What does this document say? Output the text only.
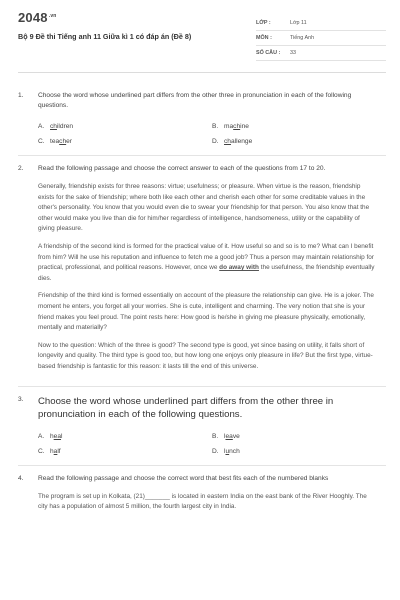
$2048^{.vn}$
Bộ 9 Đề thi Tiếng anh 11 Giữa kì 1 có đáp án (Đề 8)
LỚP :	Lớp 11
MÔN :	Tiếng Anh
SỐ CÂU :	33
1.	Choose the word whose underlined part differs from the other three in pronunciation in each of the following questions.
A. children	B. machine
C. teacher	D. challenge
2.	Read the following passage and choose the correct answer to each of the questions from 17 to 20.

Generally, friendship exists for three reasons: virtue; usefulness; or pleasure. When virtue is the reason, friendship exists for the sake of friendship; where both like each other and cherish each other for some creditable values in the other's personality. You know that you would even die to swear your friendship for that person. You also know that the other would make you live than die for him/her regardless of intelligence, handsomeness, utility or the capability of giving pleasure.

A friendship of the second kind is formed for the practical value of it. How useful so and so is to me? What can I benefit from him? Will he use his reputation and influence to fetch me a good job? Thus a person may maintain relationship for practical, professional, and political reasons. However, once we do away with the usefulness, the friendship eventually dies.

Friendship of the third kind is formed essentially on account of the pleasure the relationship can give. He is a joker. The moment he enters, you forget all your worries. She is cute, intelligent and charming. The very notion that she is your friend makes you feel proud. The point rests here: How good is he/she in giving me pleasure physically, emotionally, mentally and materially?

Now to the question: Which of the three is good? The second type is good, yet since basing on utility, it falls short of longevity and quality. The third type is good too, but how long one enjoys only pleasure in life? But the first type, virtue-based friendship is fantastic for this reason: it lasts till the end of this universe.

3.	Choose the word whose underlined part differs from the other three in pronunciation in each of the following questions.
A. heal	B. leave
C. half	D. lunch
4.	Read the following passage and choose the correct word that best fits each of the numbered blanks

The program is set up in Kolkata, (21)_______ is located in eastern India on the east bank of the River Hooghly. The city has a population of almost 5 million, the fourth largest city in India.
